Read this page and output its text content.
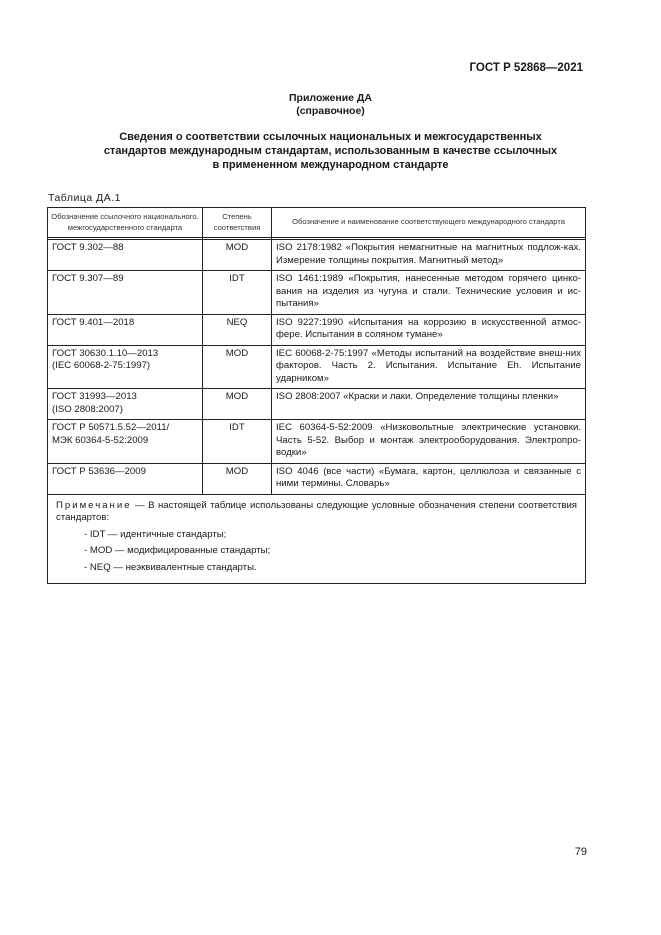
ГОСТ Р 52868—2021
Приложение ДА
(справочное)
Сведения о соответствии ссылочных национальных и межгосударственных
стандартов международным стандартам, использованным в качестве ссылочных
в примененном международном стандарте
Таблица ДА.1
Обозначение ссылочного национального. межгосударственного стандарта	Степень соответствия	Обозначение и наименование соответствующего международного стандарта

ГОСТ 9.302—88	MOD	ISO 2178:1982 «Покрытия немагнитные на магнитных подлож-ках. Измерение толщины покрытия. Магнитный метод»

ГОСТ 9.307—89	IDT	ISO 1461:1989 «Покрытия, нанесенные методом горячего цинко-вания на изделия из чугуна и стали. Технические условия и ис-пытания»

ГОСТ 9.401—2018	NEQ	ISO 9227:1990 «Испытания на коррозию в искусственной атмос-фере. Испытания в соляном тумане»

ГОСТ 30630.1.10—2013
(IEC 60068-2-75:1997)	MOD	IEC 60068-2-75:1997 «Методы испытаний на воздействие внеш-них факторов. Часть 2. Испытания. Испытание Eh. Испытание ударником»

ГОСТ 31993—2013
(ISO 2808:2007)	MOD	ISO 2808:2007 «Краски и лаки. Определение толщины пленки»

ГОСТ Р 50571.5.52—2011/
МЭК 60364-5-52:2009	IDT	IEC 60364-5-52:2009 «Низковольтные электрические установки. Часть 5-52. Выбор и монтаж электрооборудования. Электропро-водки»

ГОСТ Р 53636—2009	MOD	ISO 4046 (все части) «Бумага, картон, целлюлоза и связанные с ними термины. Словарь»

Примечание — В настоящей таблице использованы следующие условные обозначения степени соответствия стандартов:
- IDT — идентичные стандарты;
- MOD — модифицированные стандарты;
- NEQ — неэквивалентные стандарты.		
79
